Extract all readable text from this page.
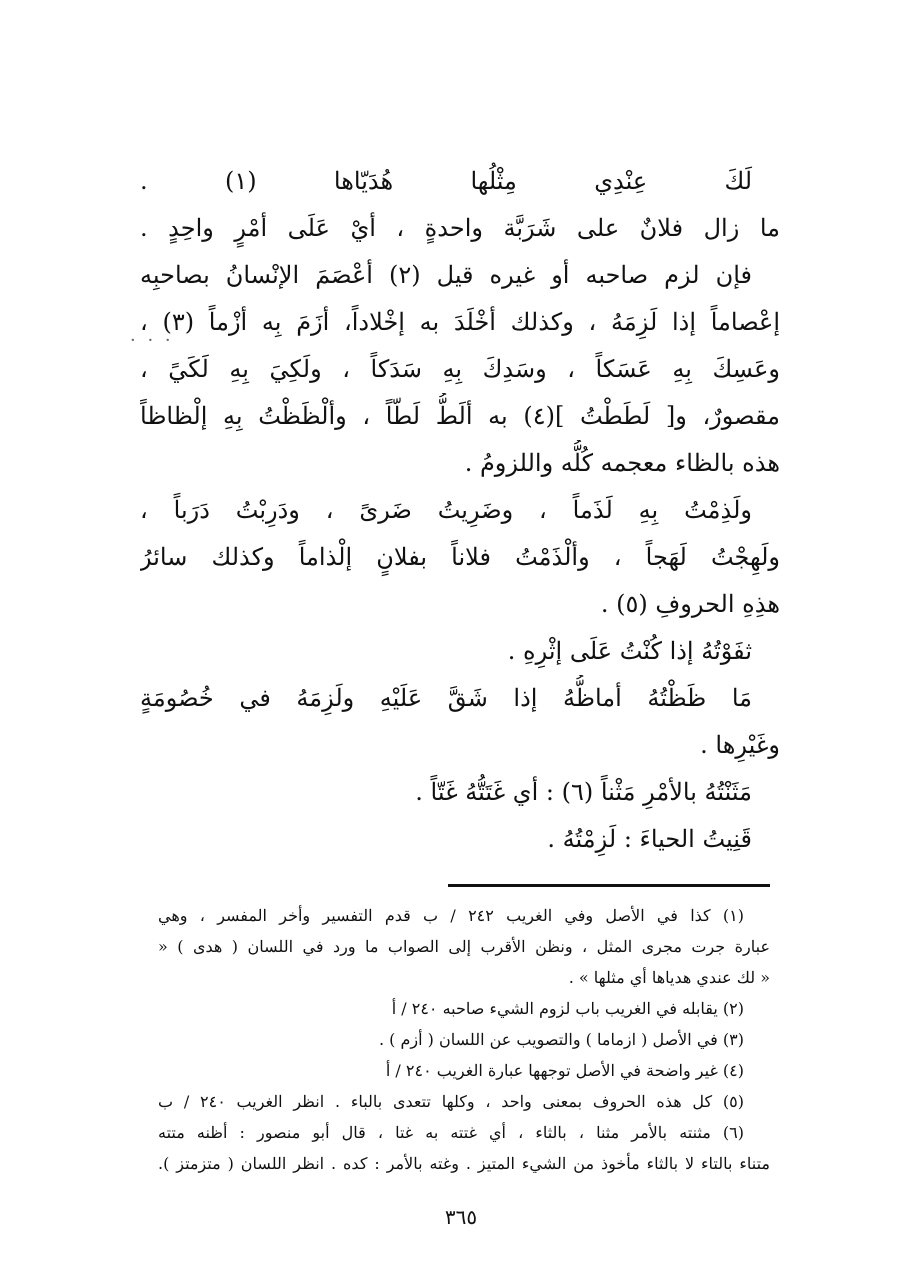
· · ·
لَكَ عِنْدِي مِثْلُها هُدَيّاها (١) .
ما زال فلانٌ على شَرَبَّة واحدةٍ ، أيْ عَلَى أمْرٍ واحِدٍ .
فإن لزم صاحبه أو غيره قيل (٢) أعْصَمَ الإنْسانُ بصاحبِه
إعْصاماً إذا لَزِمَهُ ، وكذلك أخْلَدَ به إخْلاداً، أزَمَ بِه أزْماً (٣) ،
وعَسِكَ بِهِ عَسَكاً ، وسَدِكَ بِهِ سَدَكاً ، ولَكِيَ بِهِ لَكَيً ،
مقصورٌ، و[ لَطَطْتُ ](٤) به ألَطُّ لَطّاً ، وألْظَظْتُ بِهِ إلْظاظاً
هذه بالظاء معجمه كُلُّه واللزومُ .
ولَذِمْتُ بِهِ لَذَماً ، وضَرِيتُ ضَرىً ، ودَرِبْتُ دَرَباً ،
ولَهِجْتُ لَهَجاً ، وألْذَمْتُ فلاناً بفلانٍ إلْذاماً وكذلك سائرُ
هذِهِ الحروفِ (٥) .
ثفَوْتُهُ إذا كُنْتُ عَلَى إثْرِهِ .
مَا ظَظْتُهُ أماظُّهُ إذا شَقَّ عَلَيْهِ ولَزِمَهُ في خُصُومَةٍ
وغَيْرِها .
مَثَنْتُهُ بالأمْرِ مَثْناً (٦) : أي غَتَتُّهُ غَتّاً .
قَنِيتُ الحياءَ : لَزِمْتُهُ .
(١) كذا في الأصل وفي الغريب ٢٤٢ / ب قدم التفسير وأخر المفسر ، وهي
عبارة جرت مجرى المثل ، ونظن الأقرب إلى الصواب ما ورد في اللسان ( هدى ) «
« لك عندي هدياها أي مثلها » .
(٢) يقابله في الغريب باب لزوم الشيء صاحبه ٢٤٠ / أ
(٣) في الأصل ( ازماما ) والتصويب عن اللسان ( أزم ) .
(٤) غير واضحة في الأصل توجهها عبارة الغريب ٢٤٠ / أ
(٥) كل هذه الحروف بمعنى واحد ، وكلها تتعدى بالباء . انظر الغريب ٢٤٠ / ب
(٦) مثنته بالأمر مثنا ، بالثاء ، أي غتته به غتا ، قال أبو منصور : أظنه متته
متناء بالتاء لا بالثاء مأخوذ من الشيء المتيز . وغته بالأمر : كده . انظر اللسان ( متزمتز ).
٣٦٥
